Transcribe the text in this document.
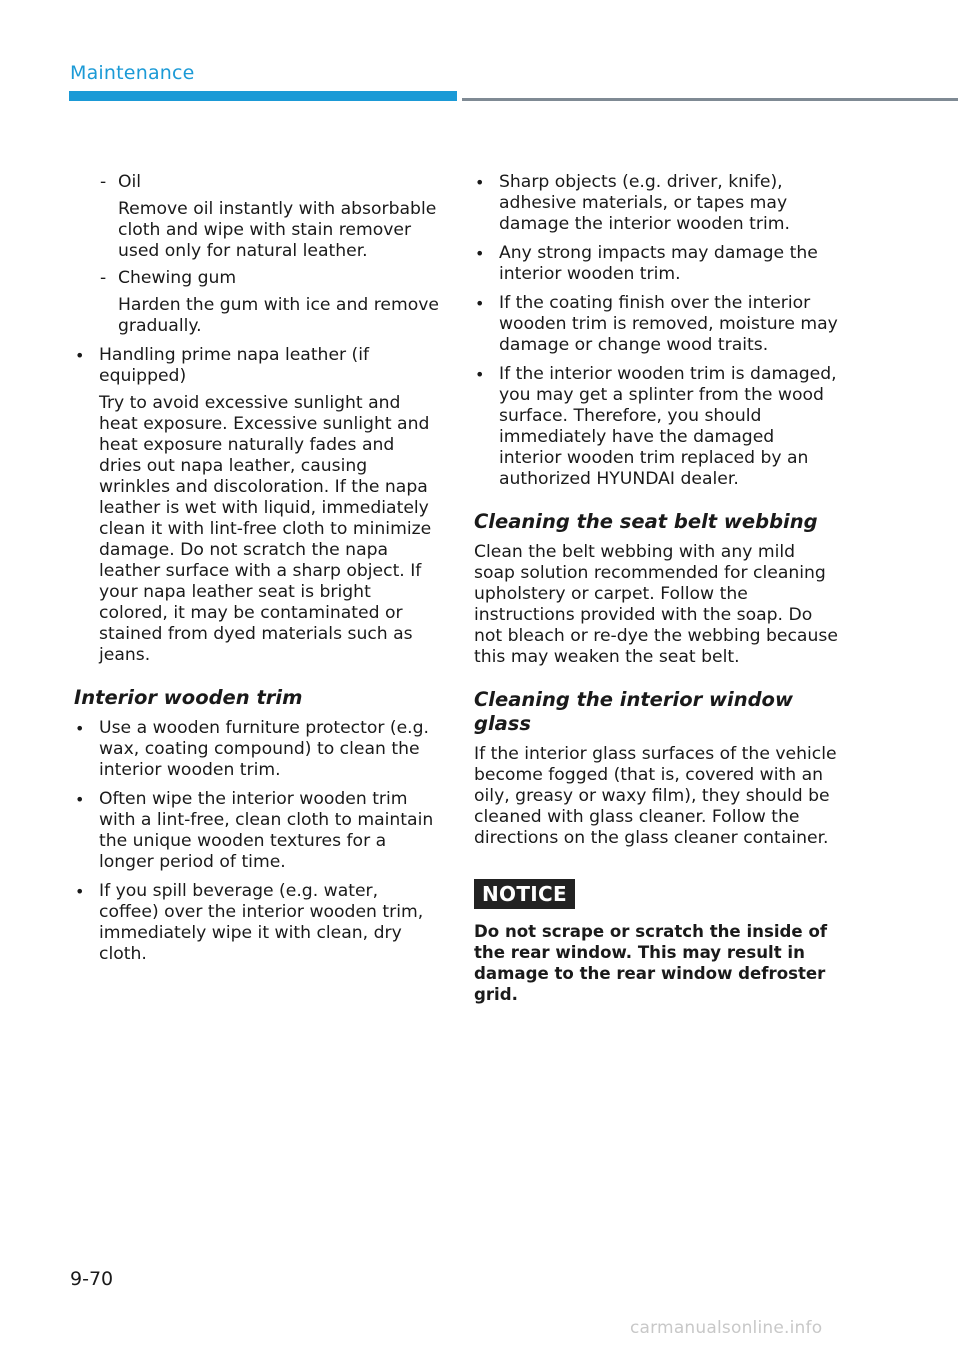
Maintenance

- Oil

Remove oil instantly with absorbable cloth and wipe with stain remover used only for natural leather.

- Chewing gum

Harden the gum with ice and remove gradually.

• Handling prime napa leather (if equipped)

Try to avoid excessive sunlight and heat exposure. Excessive sunlight and heat exposure naturally fades and dries out napa leather, causing wrinkles and discoloration. If the napa leather is wet with liquid, immediately clean it with lint-free cloth to minimize damage. Do not scratch the napa leather surface with a sharp object. If your napa leather seat is bright colored, it may be contaminated or stained from dyed materials such as jeans.

Interior wooden trim

• Use a wooden furniture protector (e.g. wax, coating compound) to clean the interior wooden trim.

• Often wipe the interior wooden trim with a lint-free, clean cloth to maintain the unique wooden textures for a longer period of time.

• If you spill beverage (e.g. water, coffee) over the interior wooden trim, immediately wipe it with clean, dry cloth.

• Sharp objects (e.g. driver, knife), adhesive materials, or tapes may damage the interior wooden trim.

• Any strong impacts may damage the interior wooden trim.

• If the coating finish over the interior wooden trim is removed, moisture may damage or change wood traits.

• If the interior wooden trim is damaged, you may get a splinter from the wood surface. Therefore, you should immediately have the damaged interior wooden trim replaced by an authorized HYUNDAI dealer.

Cleaning the seat belt webbing

Clean the belt webbing with any mild soap solution recommended for cleaning upholstery or carpet. Follow the instructions provided with the soap. Do not bleach or re-dye the webbing because this may weaken the seat belt.

Cleaning the interior window glass

If the interior glass surfaces of the vehicle become fogged (that is, covered with an oily, greasy or waxy film), they should be cleaned with glass cleaner. Follow the directions on the glass cleaner container.

NOTICE

Do not scrape or scratch the inside of the rear window. This may result in damage to the rear window defroster grid.

9-70
carmanualsonline.info
